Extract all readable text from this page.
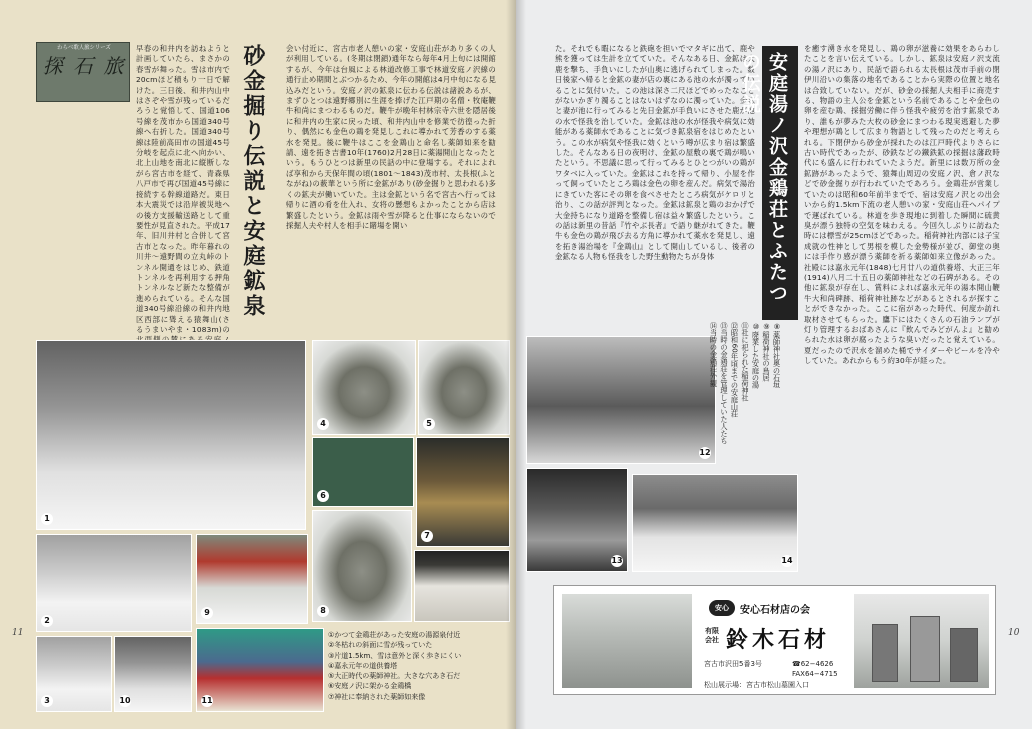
わらべ歌人旅シリーズ
探 石 旅
早春の和井内を訪ねようと計画していたら、まさかの春雪が舞った。雪は市内で20cmほど積もり一日で解けた。三日後、和井内山中はさぞや雪が残っているだろうと覚悟して、国道106号線を茂市から国道340号線へ右折した。国道340号線は陸前高田市の国道45号分岐を起点に北へ向かい、北上山地を南北に縦断しながら宮古市を経て、青森県八戸市で再び国道45号線に接続する幹線道路だ。東日本大震災では沿岸被災地への後方支援輸送路として重要性が見直された。平成17年、旧川井村と合併して宮古市となった。昨年暮れの川井〜遠野間の立丸峠のトンネル開通をはじめ、鉄道トンネルを再利用する押角トンネルなど新たな整備が進められている。そんな国道340号線沿線の和井内地区西部に聳える猿舞山(さるうまいやま・1083m)の
砂金掘り伝説と安庭鉱泉	会い付近に、宮古市老人憩いの家・安庭山荘があり多くの人が利用している。(冬期は閉鎖)通年なら毎年4月上旬には開館するが、今年は台風による林道改修工事で林道安庭ノ沢線の通行止め期間とぶつかるため、今年の開館は4月中旬になる見込みだという。安庭ノ沢の鉱泉に伝わる伝説は諸説あるが、まずひとつは遠野郷別に生涯を捧げた江戸期の名僧・牧庵鞭牛和尚にまつわるものだ。鞭牛が晩年村林宗寺六世を隠居後に和井内の生家に戻った頃、和井内山中を修業で彷徨った折り、偶然にも金色の鶏を発見しこれに導かれて芳香のする薬水を発見。後に鞭牛はここを金鶏山と命名し薬師如来を勧請、遠を拓き吉書10年(1760)2月28日に薬湯開山となったという。もうひとつは新里の民話の中に登場する。それによれば享和から天保年間の頃(1801〜1843)茂市村、太長根(ふとながね)の薮華という所に金鉱があり(砂金掘りと思われる)多くの鉱夫が働いていた。主は金鉱という名で宮古へ行っては帰りに酒の肴を仕入れ、女将の懸想もよかったことから店は繁盛したという。金鉱は雨や雪が降ると仕事にならないので採掘人夫や村人を相手に賭場を開い
1
4	5
6
7
2
9	8
3	10	11
①かつて金鶏荘があった安庭の湯源泉付近
②冬枯れの斜面に雪が残っていた
③片道1.5km、雪は意外と深く歩きにくい
④嘉永元年の道供養塔
⑤大正時代の薬師神社。大きな穴あき石だ
⑥安庭ノ沢に架かる金鶏橋
⑦神社に奉納された薬師如来像
11
た。それでも暇になると鉄砲を担いでマタギに出て、鹿や熊を獲っては生計を立てていた。そんなある日、金鉱は大鹿を撃ち、手負いにしたが山奥に逃げられてしまった。数日後家へ帰ると金鉱の妻が店の裏にある池の水が濁っていることに気付いた。この池は深さ二尺ほどでめったなことがないかぎり濁ることはないはずなのに濁っていた。金鉱と妻が池に行ってみると先日金鉱が手負いにさせた鹿が池の水で怪我を治していた。金鉱は池の水が怪我や病気に効能がある薬師水であることに気づき鉱泉宿をはじめたという。この水が病気や怪我に効くという噂が広まり宿は繁盛した。そんなある日の夜明け、金鉱の屋敷の裏で鶏が鳴いたという。不思議に思って行ってみるとひとつがいの鶏がワタベに入っていた。金鉱はこれを持って帰り、小屋を作って飼っていたところ鶏は金色の卵を産んだ。病気で湯治にきていた客にその卵を食べさせたところ病気がケロリと治り、この話が評判となった。金鉱は鉱泉と鶏のおかげで大金持ちになり道路を整備し宿は益々繁盛したという。この話は新里の昔話『竹やぶ長者』で語り継がれてきた。鞭牛も金色の鶏が飛び去る方角に導かれて薬水を発見し、遠を拓き湯治場を『金鶏山』として開山しているし、後者の金鉱なる人物も怪我をした野生動物たちが身体	安庭湯ノ沢金鶏荘とふたつの伝説
を癒す湧き水を発見し、鶏の卵が滋養に効果をあらわしたことを言い伝えている。しかし、鉱泉は安庭ノ沢支流の湯ノ沢にあり、民話で語られる太長根は茂市手前の閉伊川沿いの集落の地名であることから実際の位置と地名は合致していない。だが、砂金の採掘人夫相手に商売する、物語の主人公を金鉱という名前であることや金色の卵を産む鶏、採掘労働に伴う怪我や疲労を治す鉱泉であり、誰もが夢みた大枚の砂金にまつわる現実逃避した夢や理想が鶏として広まり物語として残ったのだと考えられる。下閉伊から砂金が採れたのは江戸時代よりさらに古い時代であったが、砂鉄などの鐵鉄鉱の採掘は藩政時代にも盛んに行われていたようだ。新里には数万所の金鉱跡があったようで、猿舞山周辺の安庭ノ沢、倉ノ沢などで砂金掘りが行われていたであろう。金鶏荘が営業していたのは昭和60年前半までで、宿は安庭ノ沢との出会いから約1.5km下流の老人憩いの家・安庭山荘へパイプで運ばれている。林道を歩き現地に到着した瞬間に硫黄臭が漂う独特の空気を味わえる。今回久しぶりに訪ねた時には標雪が25cmほどであった。稲荷神社内部には子宝成就の性神として男根を模した金勢様が並び、御堂の奥には手作り感が漂う薬師を祈る薬師如来立像があった。社殿には嘉永元年(1848)七月廿八の道供養塔、大正三年(1914)八月二十五日の薬師神社などの石碑がある。その他に鉱泉が存在し、賞料によれば嘉永元年の湯本開山鞭牛大和尚碑跡、稲荷神社跡などがあるとされるが探すことができなかった。ここに宿があった時代、何度か訪れ取材させてもらった。鷹下にはたくさんの石油ランプが灯り管理するおばあさんに『飲んでみどがんよ』と勧められた水は卵が腐ったような臭いだったと覚えている。夏だったので沢水を溜めた桶でサイダーやビールを冷やしていた。あれからもう約30年が経った。
12
⑧薬師神社奥の石垣
⑨稲荷神社の鳥居
⑩廃業した安庭の湯
⑪社に祀られた稲荷神社
⑫昭和60年頃までの安庭山荘
⑬当時の金鶏荘を管理していた人たち
⑭当時の金鶏荘外観
13	14
安心	安心石材店の会
有限会社 鈴木石材
宮古市沢田5番3号	☎62−4626
FAX64−4715
松山展示場：宮古市松山墓園入口
10
